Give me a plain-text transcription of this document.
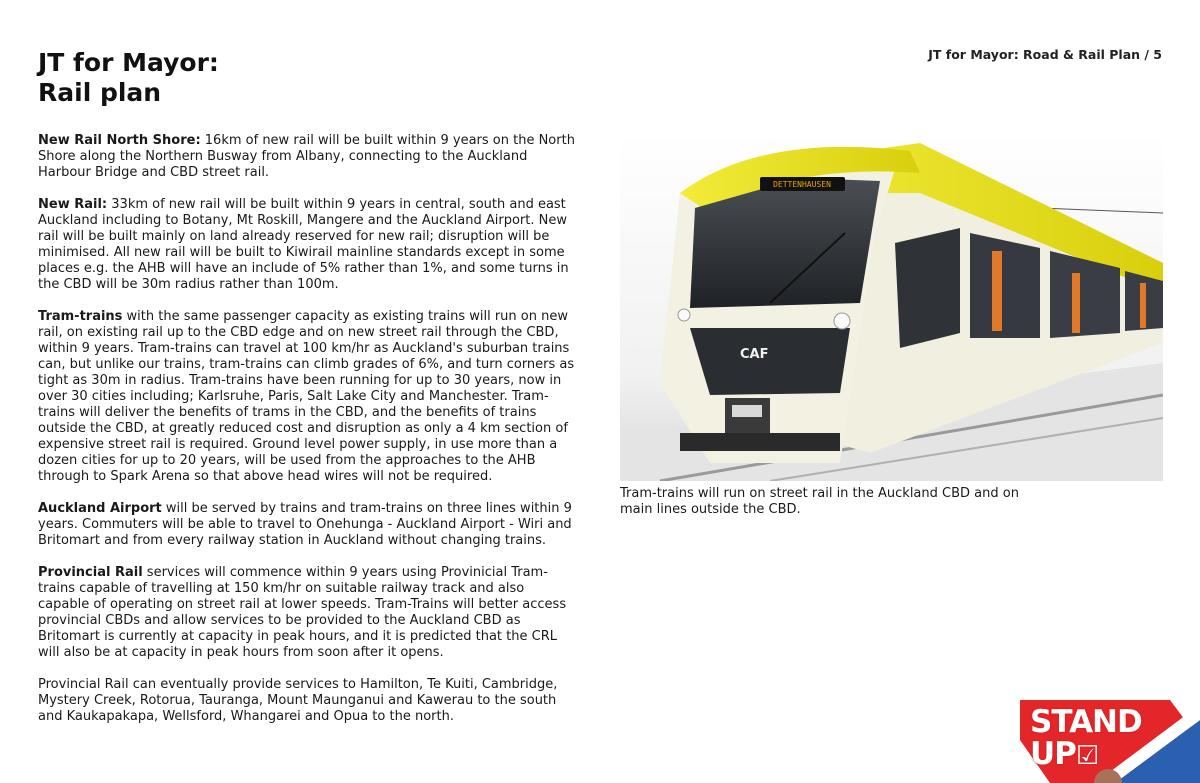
JT for Mayor:
Rail plan
JT for Mayor: Road & Rail Plan / 5

New Rail North Shore: 16km of new rail will be built within 9 years on the North Shore along the Northern Busway from Albany, connecting to the Auckland Harbour Bridge and CBD street rail.

New Rail: 33km of new rail will be built within 9 years in central, south and east Auckland including to Botany, Mt Roskill, Mangere and the Auckland Airport. New rail will be built mainly on land already reserved for new rail; disruption will be minimised. All new rail will be built to Kiwirail mainline standards except in some places e.g. the AHB will have an include of 5% rather than 1%, and some turns in the CBD will be 30m radius rather than 100m.

Tram-trains with the same passenger capacity as existing trains will run on new rail, on existing rail up to the CBD edge and on new street rail through the CBD, within 9 years. Tram-trains can travel at 100 km/hr as Auckland's suburban trains can, but unlike our trains, tram-trains can climb grades of 6%, and turn corners as tight as 30m in radius. Tram-trains have been running for up to 30 years, now in over 30 cities including; Karlsruhe, Paris, Salt Lake City and Manchester. Tram-trains will deliver the benefits of trams in the CBD, and the benefits of trains outside the CBD, at greatly reduced cost and disruption as only a 4 km section of expensive street rail is required. Ground level power supply, in use more than a dozen cities for up to 20 years, will be used from the approaches to the AHB through to Spark Arena so that above head wires will not be required.

Auckland Airport will be served by trains and tram-trains on three lines within 9 years. Commuters will be able to travel to Onehunga - Auckland Airport - Wiri and Britomart and from every railway station in Auckland without changing trains.

Provincial Rail services will commence within 9 years using Provinicial Tram-trains capable of travelling at 150 km/hr on suitable railway track and also capable of operating on street rail at lower speeds. Tram-Trains will better access provincial CBDs and allow services to be provided to the Auckland CBD as Britomart is currently at capacity in peak hours, and it is predicted that the CRL will also be at capacity in peak hours from soon after it opens.

Provincial Rail can eventually provide services to Hamilton, Te Kuiti, Cambridge, Mystery Creek, Rotorua, Tauranga, Mount Maunganui and Kawerau to the south and Kaukapakapa, Wellsford, Whangarei and Opua to the north.

DETTENHAUSEN
CAF
Tram-trains will run on street rail in the Auckland CBD and on main lines outside the CBD.
STAND
UP☑
